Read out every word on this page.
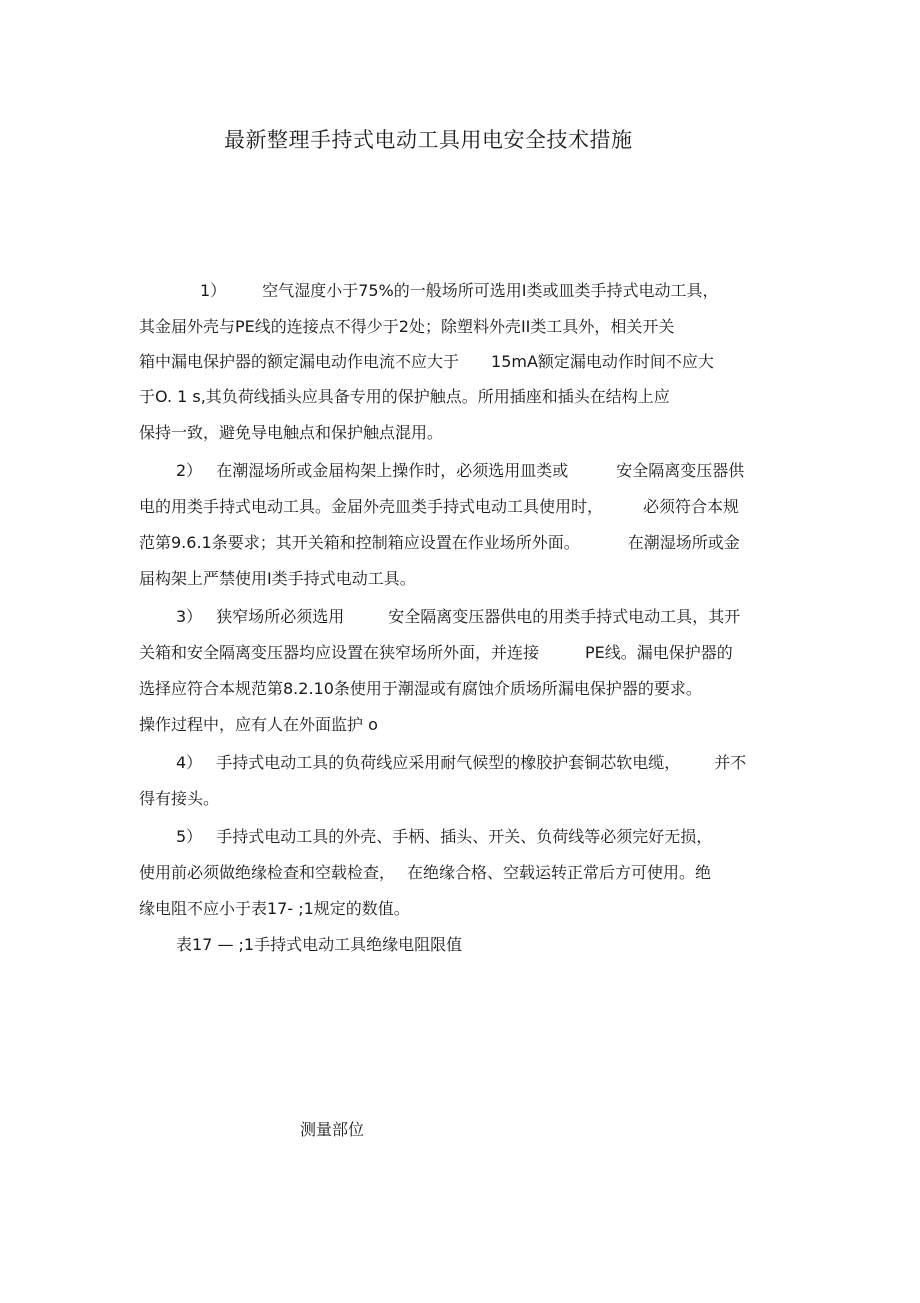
最新整理手持式电动工具用电安全技术措施
1） 空气湿度小于75%的一般场所可选用I类或皿类手持式电动工具，
其金届外壳与PE线的连接点不得少于2处；除塑料外壳II类工具外，相关开关
箱中漏电保护器的额定漏电动作电流不应大于 15mA额定漏电动作时间不应大
于O. 1 s,其负荷线插头应具备专用的保护触点。所用插座和插头在结构上应
保持一致，避免导电触点和保护触点混用。
2） 在潮湿场所或金届构架上操作时，必须选用皿类或	安全隔离变压器供
电的用类手持式电动工具。金届外壳皿类手持式电动工具使用时，	必须符合本规
范第9.6.1条要求；其开关箱和控制箱应设置在作业场所外面。	在潮湿场所或金
届构架上严禁使用I类手持式电动工具。
3） 狭窄场所必须选用	安全隔离变压器供电的用类手持式电动工具，其开
关箱和安全隔离变压器均应设置在狭窄场所外面，并连接	PE线。漏电保护器的
选择应符合本规范第8.2.10条使用于潮湿或有腐蚀介质场所漏电保护器的要求。
操作过程中，应有人在外面监护 o
4） 手持式电动工具的负荷线应采用耐气候型的橡胶护套铜芯软电缆， 并不
得有接头。
5） 手持式电动工具的外壳、手柄、插头、开关、负荷线等必须完好无损，
使用前必须做绝缘检查和空载检查， 在绝缘合格、空载运转正常后方可使用。绝
缘电阻不应小于表17- ;1规定的数值。
表17 — ;1手持式电动工具绝缘电阻限值
测量部位
